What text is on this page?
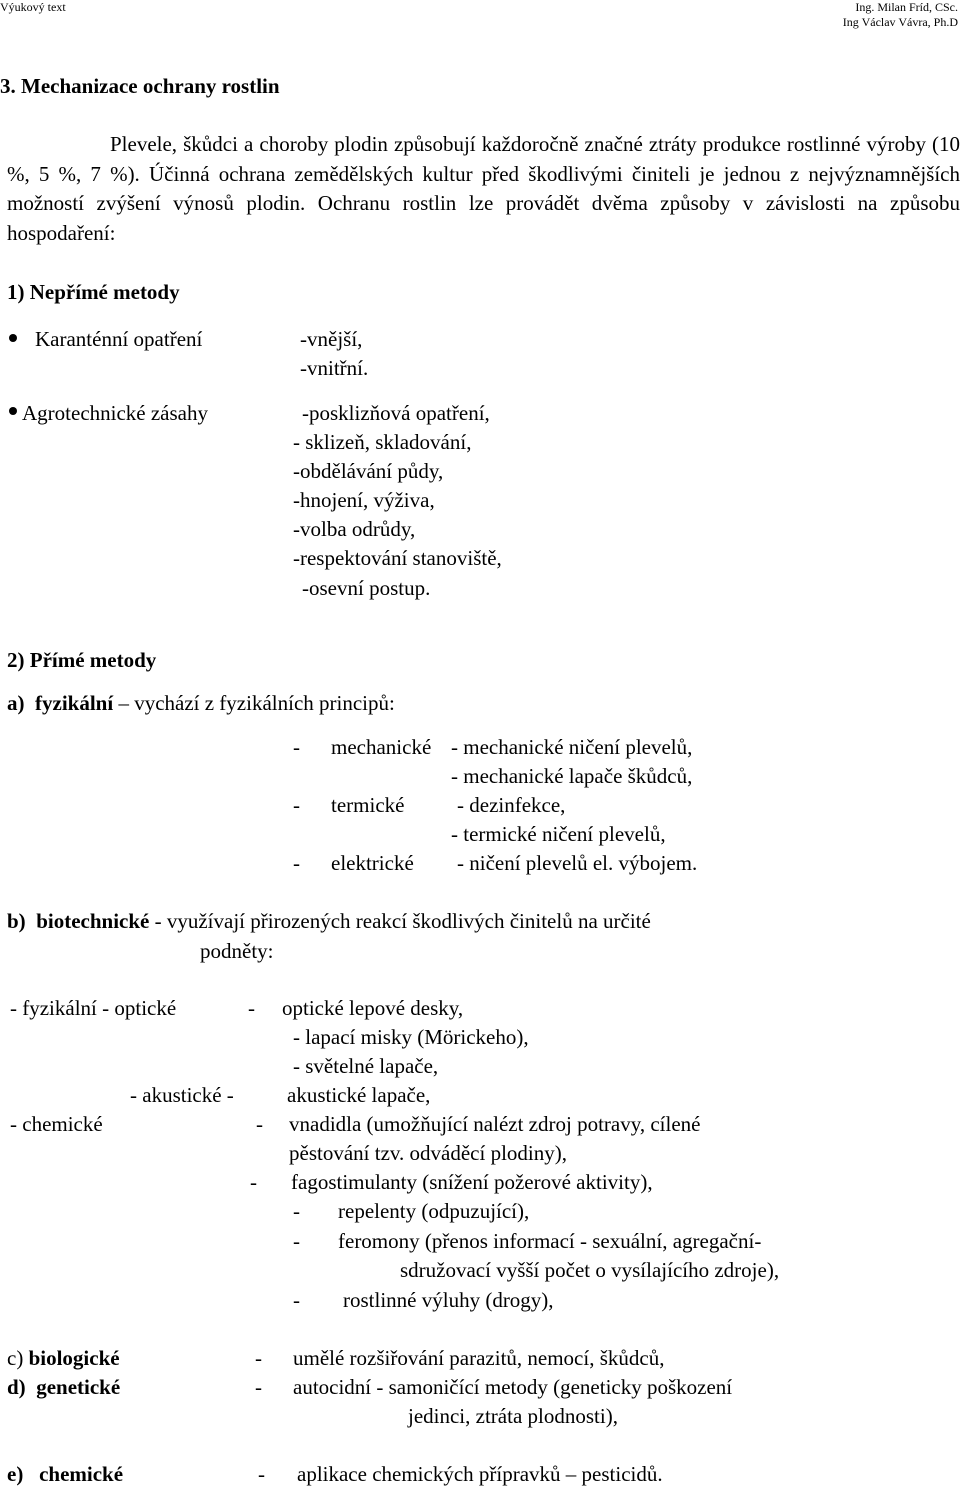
Výukový text	Ing. Milan Fríd, CSc.
Ing Václav Vávra, Ph.D
3. Mechanizace ochrany rostlin
Plevele, škůdci a choroby plodin způsobují každoročně značné ztráty produkce rostlinné výroby (10 %, 5 %, 7 %). Účinná ochrana zemědělských kultur před škodlivými činiteli je jednou z nejvýznamnějších možností zvýšení výnosů plodin. Ochranu rostlin lze provádět dvěma způsoby v závislosti na způsobu hospodaření:
1) Nepřímé metody
Karanténní opatření	-vnější,
-vnitřní.
Agrotechnické zásahy	-posklizňová opatření,
- sklizeň, skladování,
-obdělávání půdy,
-hnojení, výživa,
-volba odrůdy,
-respektování stanoviště,
-osevní postup.
2) Přímé metody
a) fyzikální – vychází z fyzikálních principů:
- mechanické - mechanické ničení plevelů,
- mechanické lapače škůdců,
- termické	- dezinfekce,
- termické ničení plevelů,
- elektrické - ničení plevelů el. výbojem.
b) biotechnické - využívají přirozených reakcí škodlivých činitelů na určité
podněty:
- fyzikální - optické	- optické lepové desky,
- lapací misky (Mörickeho),
- světelné lapače,
- akustické -	akustické lapače,
- chemické	- vnadidla (umožňující nalézt zdroj potravy, cílené
pěstování tzv. odváděcí plodiny),
- fagostimulanty (snížení požerové aktivity),
- repelenty (odpuzující),
- feromony (přenos informací - sexuální, agregační-
sdružovací vyšší počet o vysílajícího zdroje),
- rostlinné výluhy (drogy),
c) biologické	- umělé rozšiřování parazitů, nemocí, škůdců,
d) genetické	- autocidní - samoničící metody (geneticky poškození
jedinci, ztráta plodnosti),
e) chemické	- aplikace chemických přípravků – pesticidů.
